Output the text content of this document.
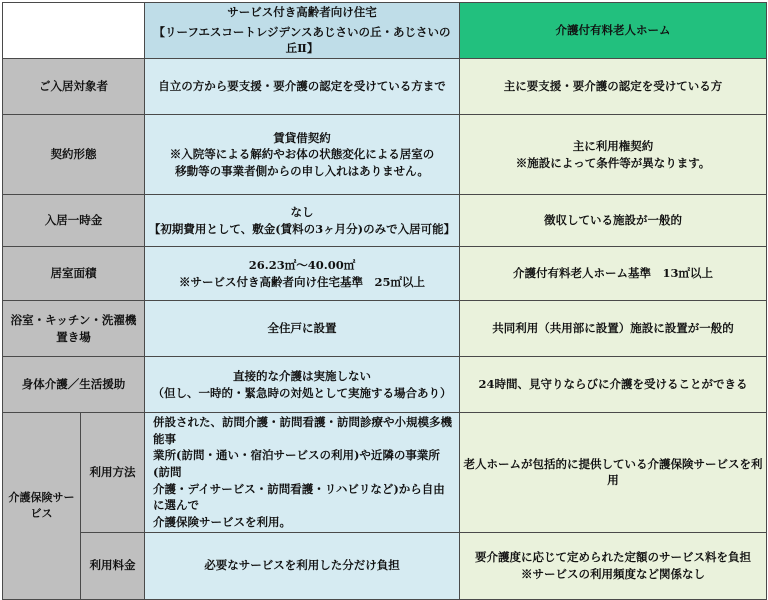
		サービス付き高齢者向け住宅
【リーフエスコートレジデンスあじさいの丘・あじさいの丘Ⅱ】	介護付有料老人ホーム
ご入居対象者		自立の方から要支援・要介護の認定を受けている方まで	主に要支援・要介護の認定を受けている方

契約形態		賃貸借契約
※入院等による解約やお体の状態変化による居室の
移動等の事業者側からの申し入れはありません。	主に利用権契約
※施設によって条件等が異なります。

入居一時金		なし
【初期費用として、敷金(賃料の3ヶ月分)のみで入居可能】	徴収している施設が一般的

居室面積		26.23㎡～40.00㎡
※サービス付き高齢者向け住宅基準　25㎡以上	介護付有料老人ホーム基準　13㎡以上

浴室・キッチン・洗濯機置き場		全住戸に設置	共同利用（共用部に設置）施設に設置が一般的

身体介護／生活援助		直接的な介護は実施しない
（但し、一時的・緊急時の対処として実施する場合あり）	24時間、見守りならびに介護を受けることができる

介護保険サービス	利用方法	併設された、訪問介護・訪問看護・訪問診療や小規模多機能事
業所(訪問・通い・宿泊サービスの利用)や近隣の事業所(訪問
介護・デイサービス・訪問看護・リハビリなど)から自由に選んで
介護保険サービスを利用。	老人ホームが包括的に提供している介護保険サービスを利用

	利用料金	必要なサービスを利用した分だけ負担	要介護度に応じて定められた定額のサービス料を負担
※サービスの利用頻度など関係なし
